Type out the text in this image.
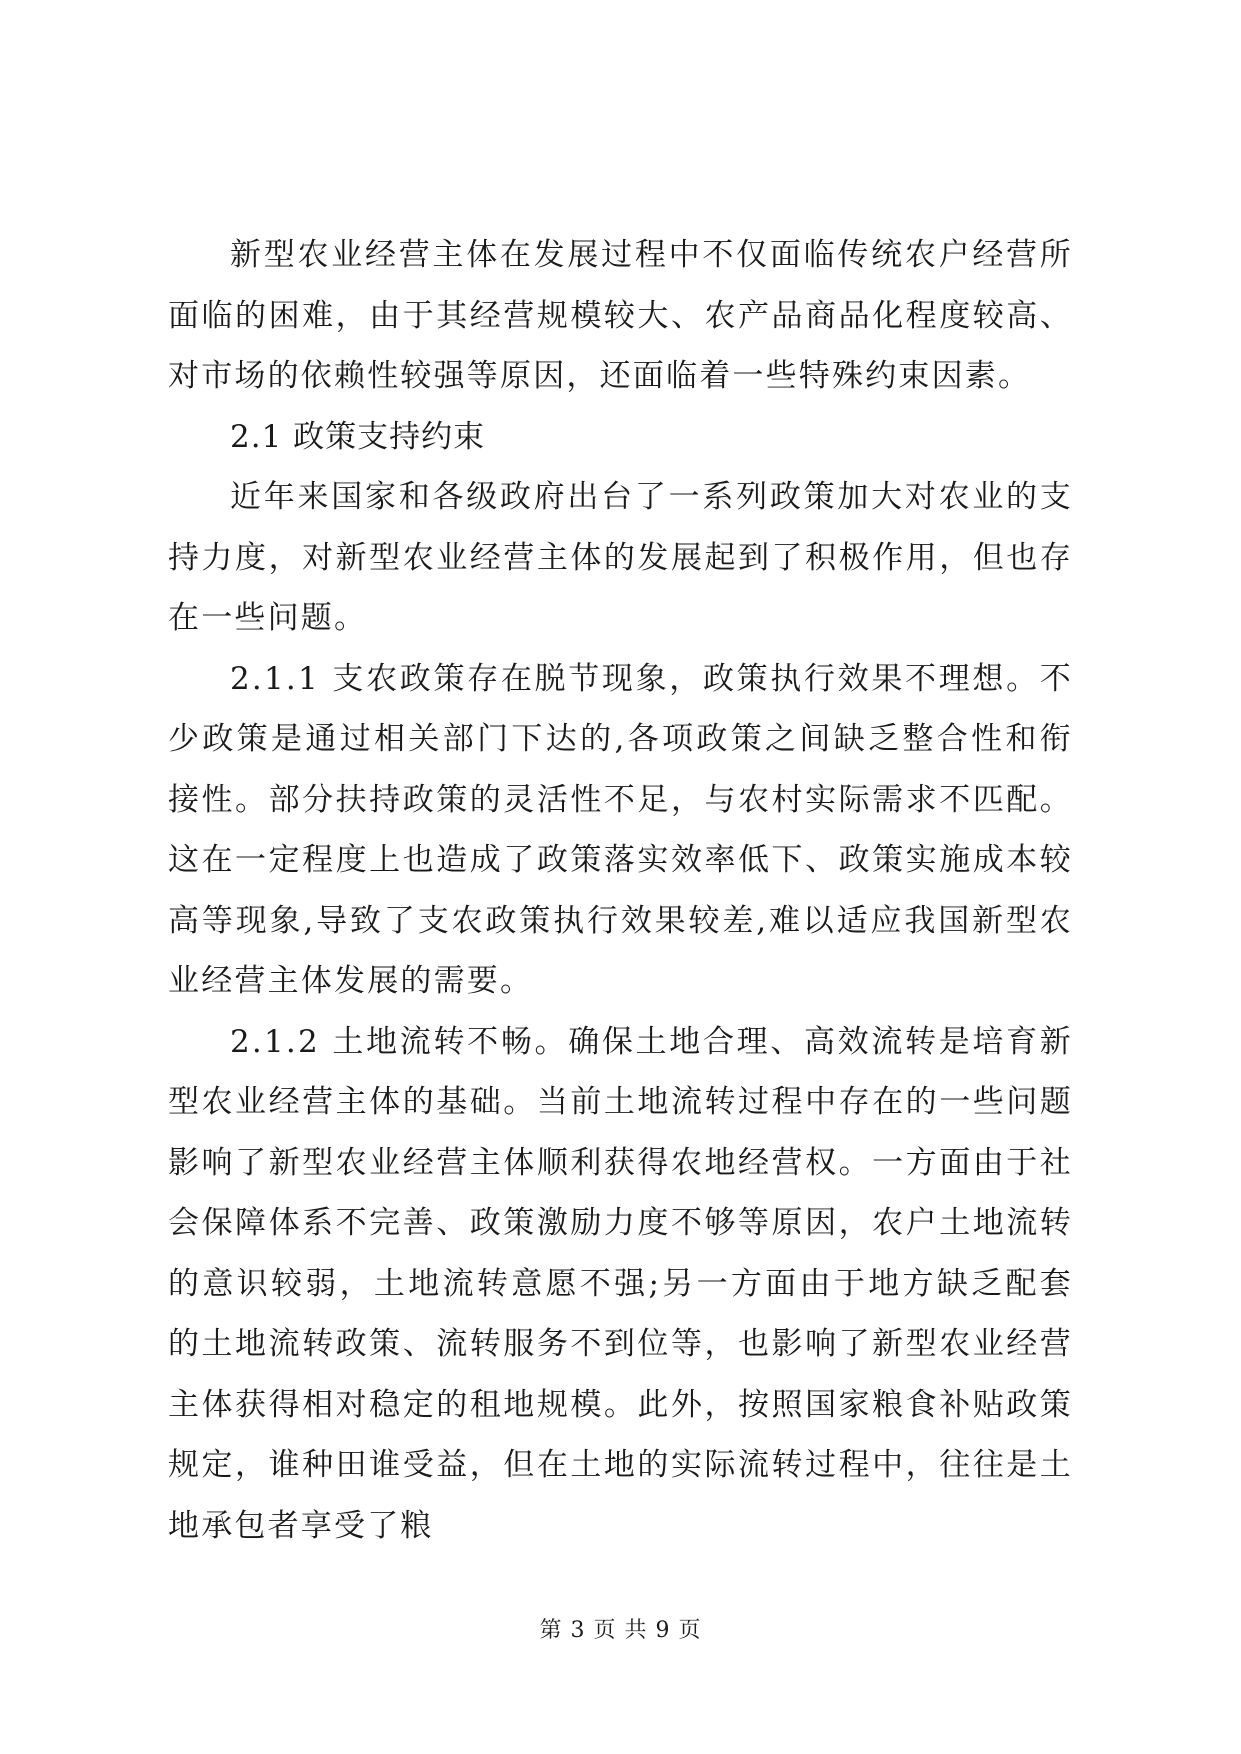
新型农业经营主体在发展过程中不仅面临传统农户经营所面临的困难，由于其经营规模较大、农产品商品化程度较高、对市场的依赖性较强等原因，还面临着一些特殊约束因素。

2.1 政策支持约束

近年来国家和各级政府出台了一系列政策加大对农业的支持力度，对新型农业经营主体的发展起到了积极作用，但也存在一些问题。

2.1.1 支农政策存在脱节现象，政策执行效果不理想。不少政策是通过相关部门下达的,各项政策之间缺乏整合性和衔接性。部分扶持政策的灵活性不足，与农村实际需求不匹配。这在一定程度上也造成了政策落实效率低下、政策实施成本较高等现象,导致了支农政策执行效果较差,难以适应我国新型农业经营主体发展的需要。

2.1.2 土地流转不畅。确保土地合理、高效流转是培育新型农业经营主体的基础。当前土地流转过程中存在的一些问题影响了新型农业经营主体顺利获得农地经营权。一方面由于社会保障体系不完善、政策激励力度不够等原因，农户土地流转的意识较弱，土地流转意愿不强;另一方面由于地方缺乏配套的土地流转政策、流转服务不到位等，也影响了新型农业经营主体获得相对稳定的租地规模。此外，按照国家粮食补贴政策规定，谁种田谁受益，但在土地的实际流转过程中，往往是土地承包者享受了粮

第 3 页 共 9 页
